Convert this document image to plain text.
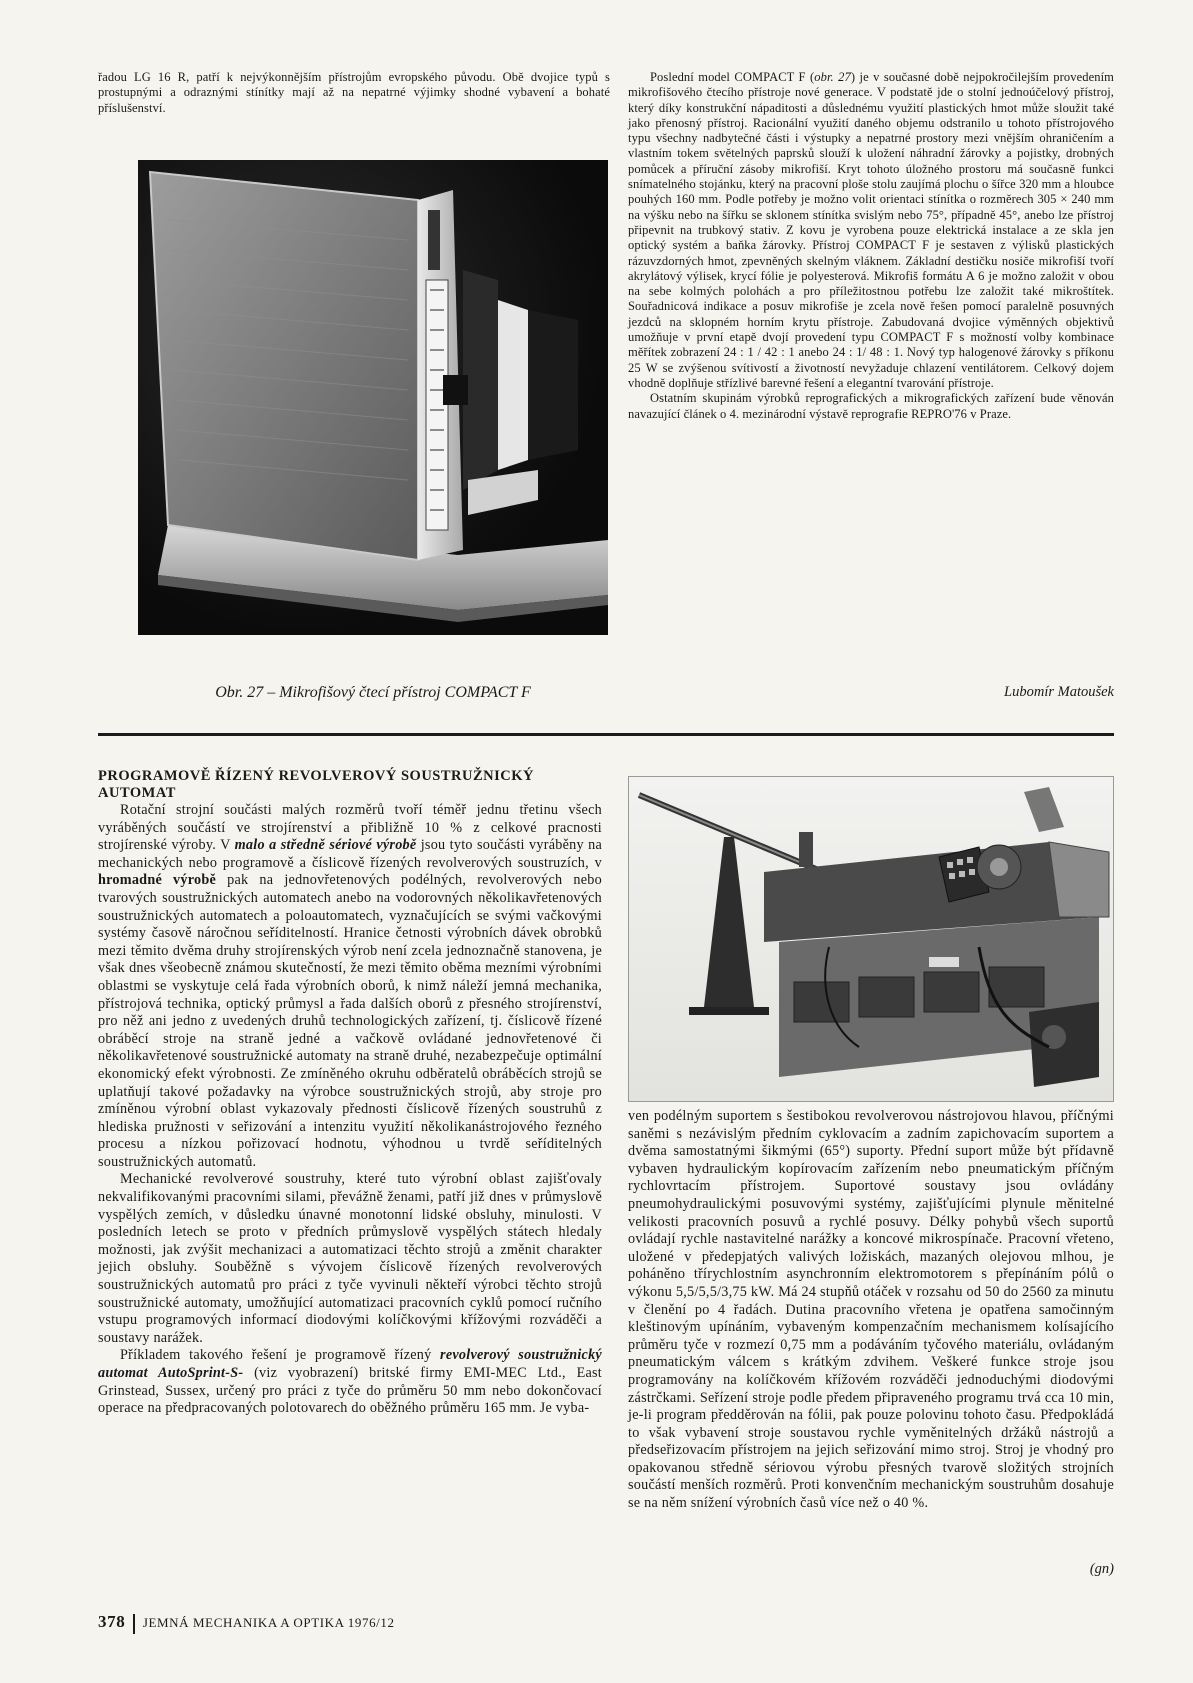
řadou LG 16 R, patří k nejvýkonnějším přístrojům evropského původu. Obě dvojice typů s prostupnými a odraznými stínítky mají až na nepatrné výjimky shodné vybavení a bohaté příslušenství.

Obr. 27 – Mikrofišový čtecí přístroj COMPACT F

Poslední model COMPACT F (obr. 27) je v současné době nejpokročilejším provedením mikrofišového čtecího přístroje nové generace. V podstatě jde o stolní jednoúčelový přístroj, který díky konstrukční nápaditosti a důslednému využití plastických hmot může sloužit také jako přenosný přístroj. Racionální využití daného objemu odstranilo u tohoto přístrojového typu všechny nadbytečné části i výstupky a nepatrné prostory mezi vnějším ohraničením a vlastním tokem světelných paprsků slouží k uložení náhradní žárovky a pojistky, drobných pomůcek a příruční zásoby mikrofiší. Kryt tohoto úložného prostoru má současně funkci snímatelného stojánku, který na pracovní ploše stolu zaujímá plochu o šířce 320 mm a hloubce pouhých 160 mm. Podle potřeby je možno volit orientaci stínítka o rozměrech 305 × 240 mm na výšku nebo na šířku se sklonem stínítka svislým nebo 75°, případně 45°, anebo lze přístroj připevnit na trubkový stativ. Z kovu je vyrobena pouze elektrická instalace a ze skla jen optický systém a baňka žárovky. Přístroj COMPACT F je sestaven z výlisků plastických rázuvzdorných hmot, zpevněných skelným vláknem. Základní destičku nosiče mikrofiší tvoří akrylátový výlisek, krycí fólie je polyesterová. Mikrofiš formátu A 6 je možno založit v obou na sebe kolmých polohách a pro příležitostnou potřebu lze založit také mikroštítek. Souřadnicová indikace a posuv mikrofiše je zcela nově řešen pomocí paralelně posuvných jezdců na sklopném horním krytu přístroje. Zabudovaná dvojice výměnných objektivů umožňuje v první etapě dvojí provedení typu COMPACT F s možností volby kombinace měřítek zobrazení 24 : 1 / 42 : 1 anebo 24 : 1/ 48 : 1. Nový typ halogenové žárovky s příkonu 25 W se zvýšenou svítivostí a životností nevyžaduje chlazení ventilátorem. Celkový dojem vhodně doplňuje střízlivé barevné řešení a elegantní tvarování přístroje.

Ostatním skupinám výrobků reprografických a mikrografických zařízení bude věnován navazující článek o 4. mezinárodní výstavě reprografie REPRO'76 v Praze.

Lubomír Matoušek
PROGRAMOVĚ ŘÍZENÝ REVOLVEROVÝ SOUSTRUŽNICKÝ AUTOMAT

Rotační strojní součásti malých rozměrů tvoří téměř jednu třetinu všech vyráběných součástí ve strojírenství a přibližně 10 % z celkové pracnosti strojírenské výroby. V malo a středně sériové výrobě jsou tyto součásti vyráběny na mechanických nebo programově a číslicově řízených revolverových soustruzích, v hromadné výrobě pak na jednovřetenových podélných, revolverových nebo tvarových soustružnických automatech anebo na vodorovných několikavřetenových soustružnických automatech a poloautomatech, vyznačujících se svými vačkovými systémy časově náročnou seříditelností. Hranice četnosti výrobních dávek obrobků mezi těmito dvěma druhy strojírenských výrob není zcela jednoznačně stanovena, je však dnes všeobecně známou skutečností, že mezi těmito oběma mezními výrobními oblastmi se vyskytuje celá řada výrobních oborů, k nimž náleží jemná mechanika, přístrojová technika, optický průmysl a řada dalších oborů z přesného strojírenství, pro něž ani jedno z uvedených druhů technologických zařízení, tj. číslicově řízené obráběcí stroje na straně jedné a vačkově ovládané jednovřetenové či několikavřetenové soustružnické automaty na straně druhé, nezabezpečuje optimální ekonomický efekt výrobnosti. Ze zmíněného okruhu odběratelů obráběcích strojů se uplatňují takové požadavky na výrobce soustružnických strojů, aby stroje pro zmíněnou výrobní oblast vykazovaly přednosti číslicově řízených soustruhů z hlediska pružnosti v seřizování a intenzitu využití několikanástrojového řezného procesu a nízkou pořizovací hodnotu, výhodnou u tvrdě seříditelných soustružnických automatů.

Mechanické revolverové soustruhy, které tuto výrobní oblast zajišťovaly nekvalifikovanými pracovními silami, převážně ženami, patří již dnes v průmyslově vyspělých zemích, v důsledku únavné monotonní lidské obsluhy, minulosti. V posledních letech se proto v předních průmyslově vyspělých státech hledaly možnosti, jak zvýšit mechanizaci a automatizaci těchto strojů a změnit charakter jejich obsluhy. Souběžně s vývojem číslicově řízených revolverových soustružnických automatů pro práci z tyče vyvinuli někteří výrobci těchto strojů soustružnické automaty, umožňující automatizaci pracovních cyklů pomocí ručního vstupu programových informací diodovými kolíčkovými křížovými rozváděči a soustavy narážek.

Příkladem takového řešení je programově řízený revolverový soustružnický automat AutoSprint-S- (viz vyobrazení) britské firmy EMI-MEC Ltd., East Grinstead, Sussex, určený pro práci z tyče do průměru 50 mm nebo dokončovací operace na předpracovaných polotovarech do oběžného průměru 165 mm. Je vyba-

ven podélným suportem s šestibokou revolverovou nástrojovou hlavou, příčnými saněmi s nezávislým předním cyklovacím a zadním zapichovacím suportem a dvěma samostatnými šikmými (65°) suporty. Přední suport může být přídavně vybaven hydraulickým kopírovacím zařízením nebo pneumatickým příčným rychlovrtacím přístrojem. Suportové soustavy jsou ovládány pneumohydraulickými posuvovými systémy, zajišťujícími plynule měnitelné velikosti pracovních posuvů a rychlé posuvy. Délky pohybů všech suportů ovládají rychle nastavitelné narážky a koncové mikrospínače. Pracovní vřeteno, uložené v předepjatých valivých ložiskách, mazaných olejovou mlhou, je poháněno třírychlostním asynchronním elektromotorem s přepínáním pólů o výkonu 5,5/5,5/3,75 kW. Má 24 stupňů otáček v rozsahu od 50 do 2560 za minutu v členění po 4 řadách. Dutina pracovního vřetena je opatřena samočinným kleštinovým upínáním, vybaveným kompenzačním mechanismem kolísajícího průměru tyče v rozmezí 0,75 mm a podáváním tyčového materiálu, ovládaným pneumatickým válcem s krátkým zdvihem. Veškeré funkce stroje jsou programovány na kolíčkovém křížovém rozváděči jednoduchými diodovými zástrčkami. Seřízení stroje podle předem připraveného programu trvá cca 10 min, je-li program předděrován na fólii, pak pouze polovinu tohoto času. Předpokládá to však vybavení stroje soustavou rychle vyměnitelných držáků nástrojů a předseřizovacím přístrojem na jejich seřizování mimo stroj. Stroj je vhodný pro opakovanou středně sériovou výrobu přesných tvarově složitých strojních součástí menších rozměrů. Proti konvenčním mechanickým soustruhům dosahuje se na něm snížení výrobních časů více než o 40 %.

(gn)
378 JEMNÁ MECHANIKA A OPTIKA 1976/12
